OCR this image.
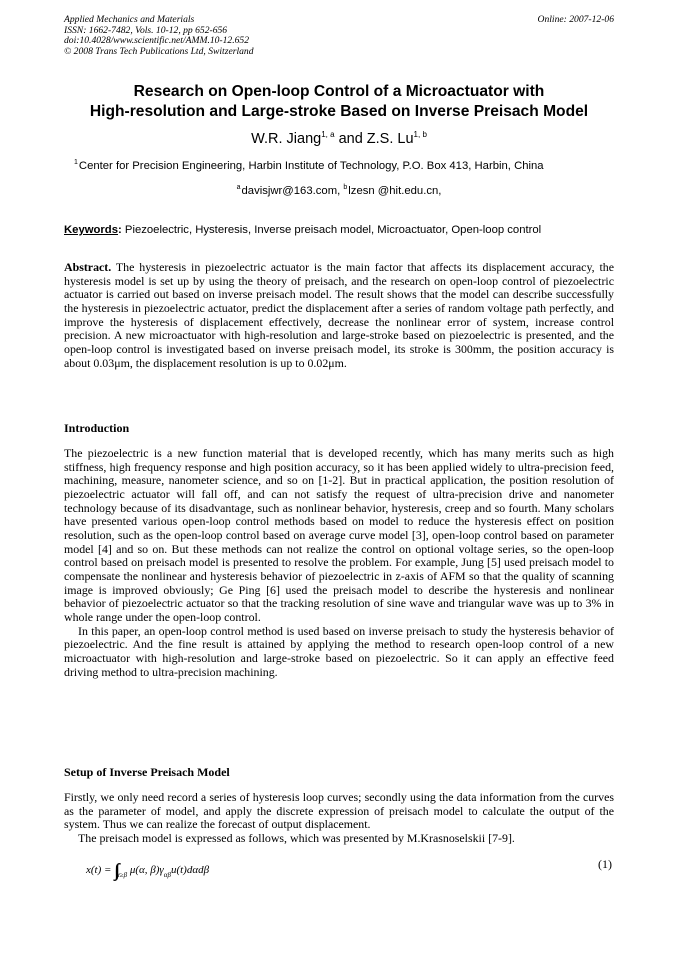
Applied Mechanics and Materials
ISSN: 1662-7482, Vols. 10-12, pp 652-656
doi:10.4028/www.scientific.net/AMM.10-12.652
© 2008 Trans Tech Publications Ltd, Switzerland
Online: 2007-12-06
Research on Open-loop Control of a Microactuator with
High-resolution and Large-stroke Based on Inverse Preisach Model
W.R. Jiang$^{1, a}$ and Z.S. Lu$^{1, b}$
$^1$Center for Precision Engineering, Harbin Institute of Technology, P.O. Box 413, Harbin, China
$^a$davisjwr@163.com, $^b$lzesn @hit.edu.cn,
Keywords: Piezoelectric, Hysteresis, Inverse preisach model, Microactuator, Open-loop control

Abstract. The hysteresis in piezoelectric actuator is the main factor that affects its displacement accuracy, the hysteresis model is set up by using the theory of preisach, and the research on open-loop control of piezoelectric actuator is carried out based on inverse preisach model. The result shows that the model can describe successfully the hysteresis in piezoelectric actuator, predict the displacement after a series of random voltage path perfectly, and improve the hysteresis of displacement effectively, decrease the nonlinear error of system, increase control precision. A new microactuator with high-resolution and large-stroke based on piezoelectric is presented, and the open-loop control is investigated based on inverse preisach model, its stroke is 300mm, the position accuracy is about 0.03μm, the displacement resolution is up to 0.02μm.

Introduction

The piezoelectric is a new function material that is developed recently, which has many merits such as high stiffness, high frequency response and high position accuracy, so it has been applied widely to ultra-precision feed, machining, measure, nanometer science, and so on [1-2]. But in practical application, the position resolution of piezoelectric actuator will fall off, and can not satisfy the request of ultra-precision drive and nanometer technology because of its disadvantage, such as nonlinear behavior, hysteresis, creep and so fourth. Many scholars have presented various open-loop control methods based on model to reduce the hysteresis effect on position resolution, such as the open-loop control based on average curve model [3], open-loop control based on parameter model [4] and so on. But these methods can not realize the control on optional voltage series, so the open-loop control based on preisach model is presented to resolve the problem. For example, Jung [5] used preisach model to compensate the nonlinear and hysteresis behavior of piezoelectric in z-axis of AFM so that the quality of scanning image is improved obviously; Ge Ping [6] used the preisach model to describe the hysteresis and nonlinear behavior of piezoelectric actuator so that the tracking resolution of sine wave and triangular wave was up to 3% in whole range under the open-loop control.

In this paper, an open-loop control method is used based on inverse preisach to study the hysteresis behavior of piezoelectric. And the fine result is attained by applying the method to research open-loop control of a new microactuator with high-resolution and large-stroke based on piezoelectric. So it can apply an effective feed driving method to ultra-precision machining.

Setup of Inverse Preisach Model

Firstly, we only need record a series of hysteresis loop curves; secondly using the data information from the curves as the parameter of model, and apply the discrete expression of preisach model to calculate the output of the system. Thus we can realize the forecast of output displacement.

The preisach model is expressed as follows, which was presented by M.Krasnoselskii [7-9].

$x(t) = \int\int_{\alpha\ge\beta}$ μ(α, $\beta)\gamma_{\alpha\beta}u(t)d\alpha d\beta$	(1)
